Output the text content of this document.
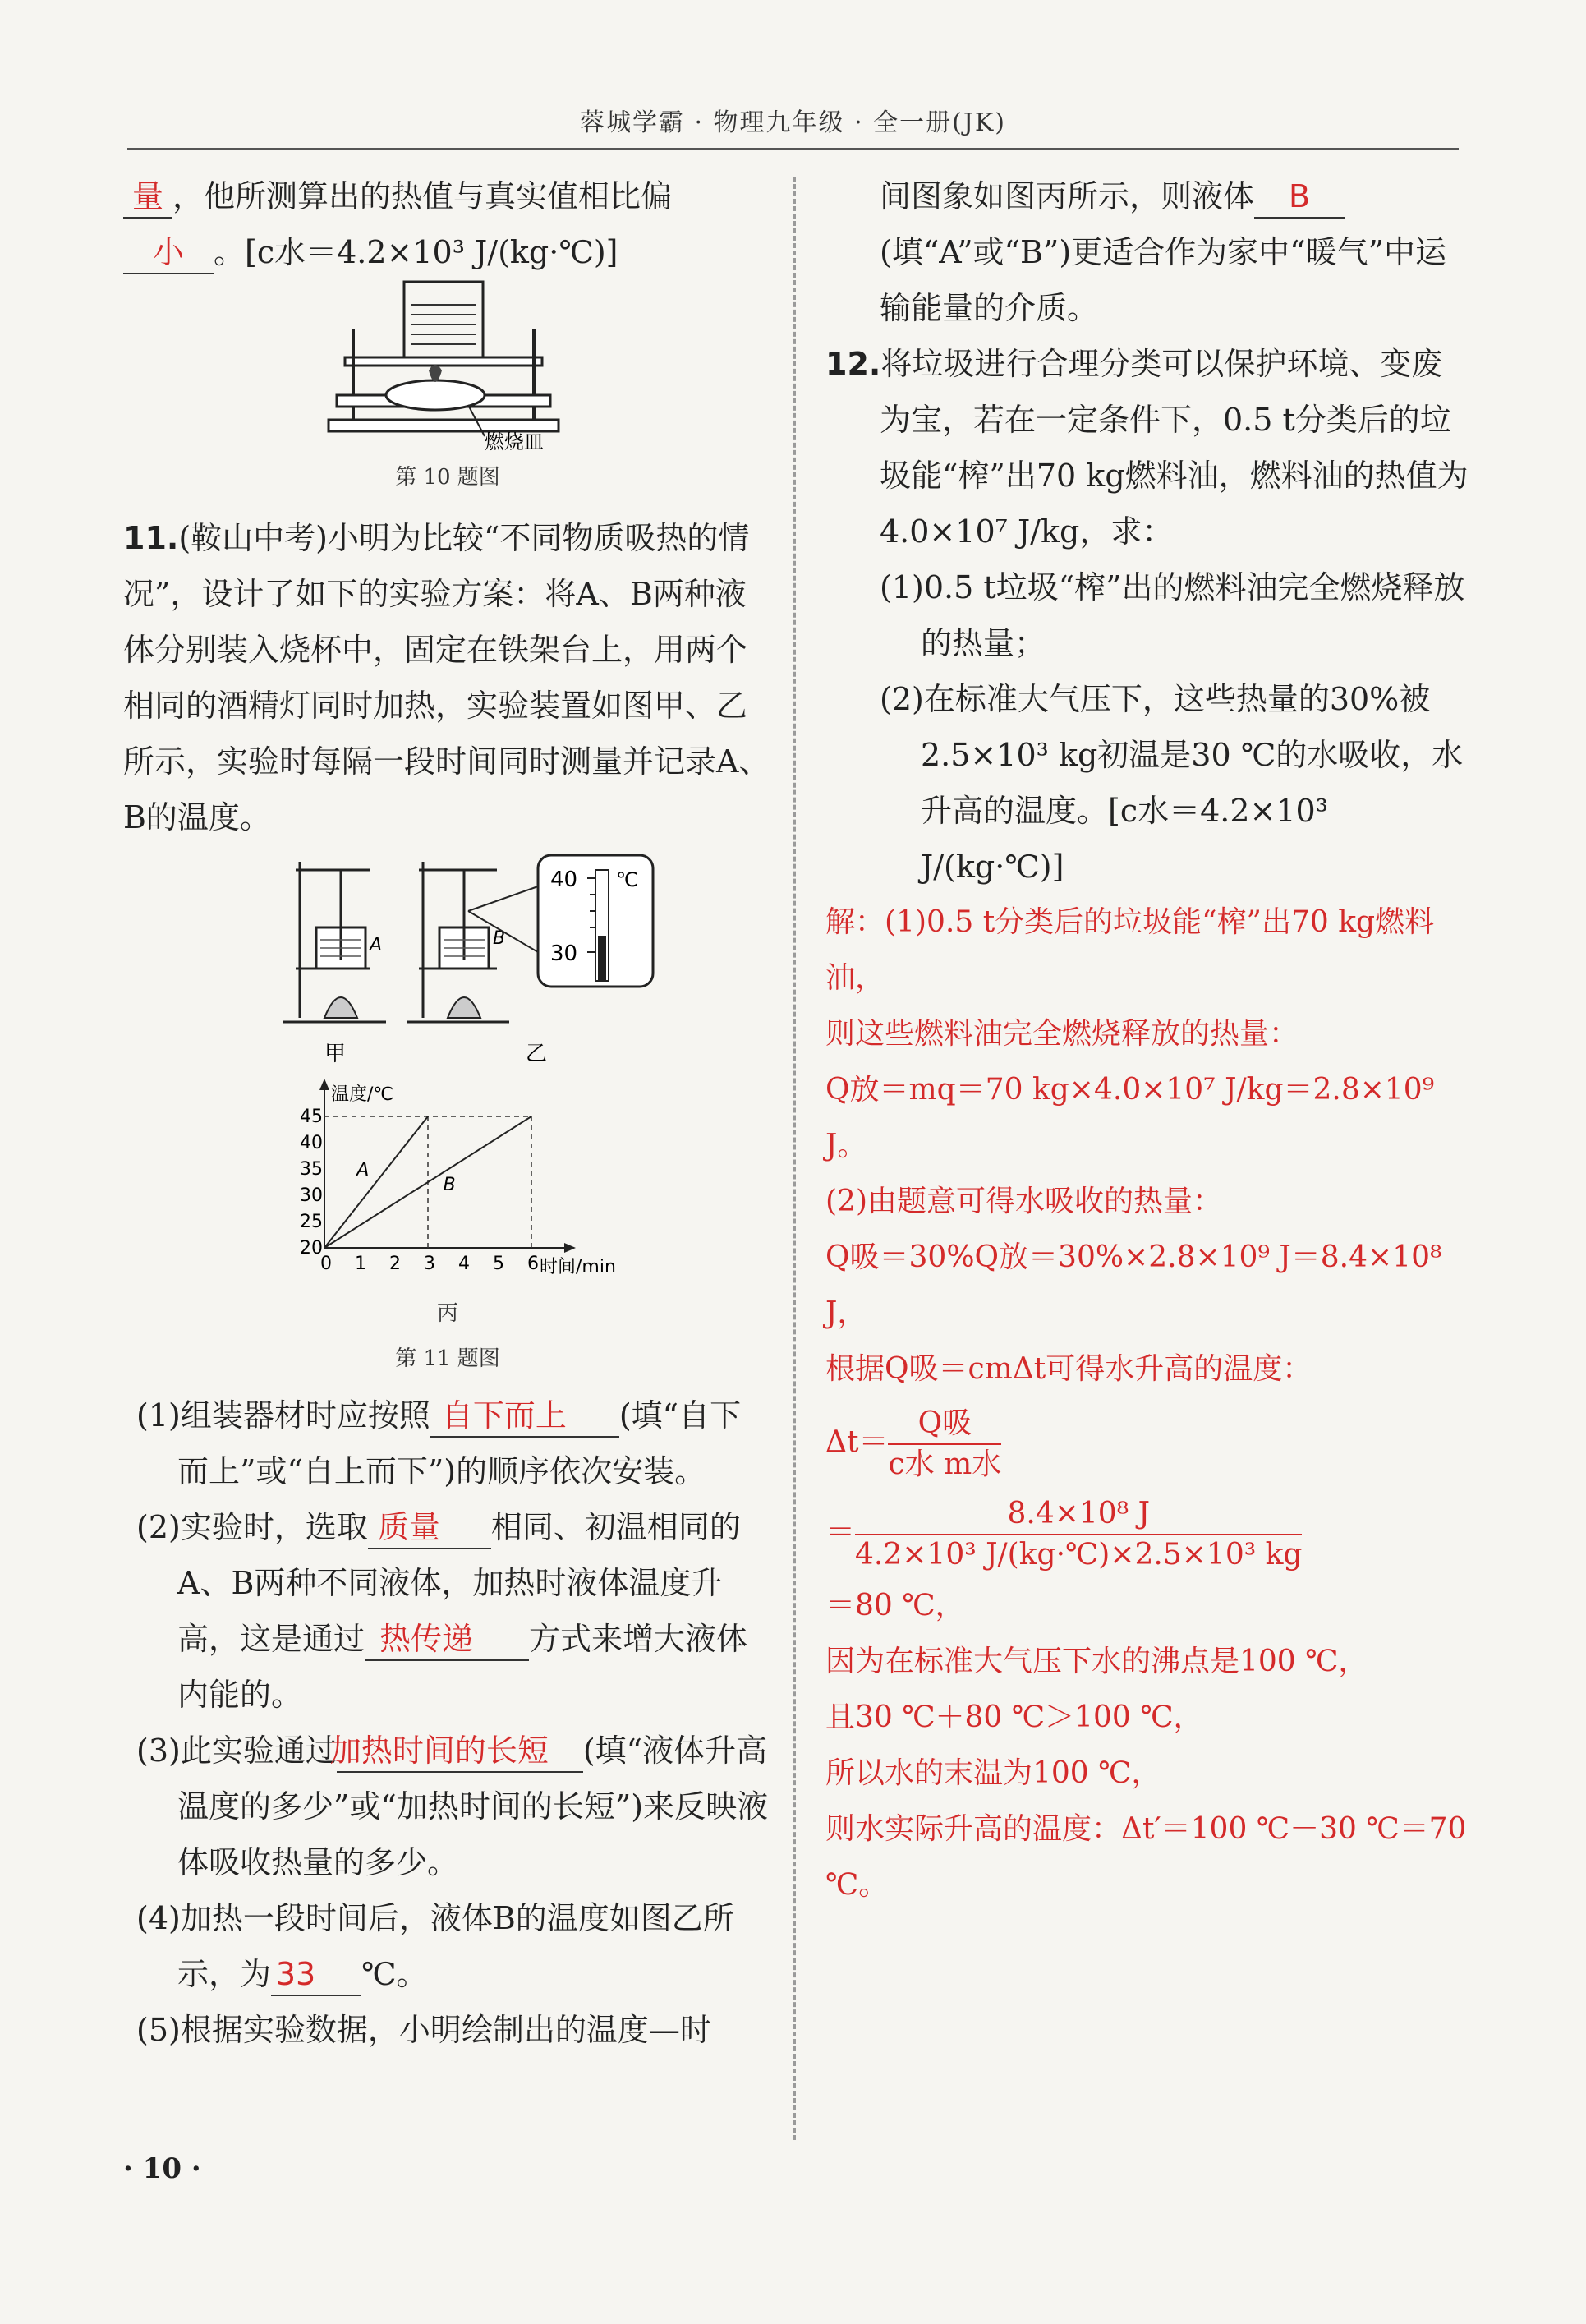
蓉城学霸 · 物理九年级 · 全一册(JK)

量 ，他所测算出的热值与真实值相比偏

小 。[c水＝4.2×10³ J/(kg·℃)]

燃烧皿

第 10 题图

11.(鞍山中考)小明为比较“不同物质吸热的情况”，设计了如下的实验方案：将A、B两种液体分别装入烧杯中，固定在铁架台上，用两个相同的酒精灯同时加热，实验装置如图甲、乙所示，实验时每隔一段时间同时测量并记录A、B的温度。

A	B
40 ℃
30
甲	乙
温度/℃
时间/min
0 1 2 3 4 5 6
20
25
30
35
40
45
A
B

丙

第 11 题图

(1)组装器材时应按照 自下而上 (填“自下而上”或“自上而下”)的顺序依次安装。

(2)实验时，选取 质量 相同、初温相同的A、B两种不同液体，加热时液体温度升高，这是通过 热传递 方式来增大液体内能的。

(3)此实验通过加热时间的长短 (填“液体升高温度的多少”或“加热时间的长短”)来反映液体吸收热量的多少。

(4)加热一段时间后，液体B的温度如图乙所示，为 33 ℃。

(5)根据实验数据，小明绘制出的温度—时

间图象如图丙所示，则液体 B(填“A”或“B”)更适合作为家中“暖气”中运输能量的介质。

12.将垃圾进行合理分类可以保护环境、变废为宝，若在一定条件下，0.5 t分类后的垃圾能“榨”出70 kg燃料油，燃料油的热值为4.0×10⁷ J/kg，求：

(1)0.5 t垃圾“榨”出的燃料油完全燃烧释放的热量；

(2)在标准大气压下，这些热量的30%被2.5×10³ kg初温是30 ℃的水吸收，水升高的温度。[c水＝4.2×10³ J/(kg·℃)]

解：(1)0.5 t分类后的垃圾能“榨”出70 kg燃料油，

则这些燃料油完全燃烧释放的热量：

Q放＝mq＝70 kg×4.0×10⁷ J/kg＝2.8×10⁹ J。

(2)由题意可得水吸收的热量：

Q吸＝30%Q放＝30%×2.8×10⁹ J＝8.4×10⁸ J，

根据Q吸＝cmΔt可得水升高的温度：

$\Delta t= \frac{\text{Q吸}}{\text{c水 m水}}$

＝ $\frac{\text{8.4×10⁸ J}}{\text{4.2×10³ J/(kg·℃)×2.5×10³ kg}}$

＝80 ℃，

因为在标准大气压下水的沸点是100 ℃，

且30 ℃＋80 ℃＞100 ℃，

所以水的末温为100 ℃，

则水实际升高的温度：Δt′＝100 ℃－30 ℃＝70 ℃。

· 10 ·
